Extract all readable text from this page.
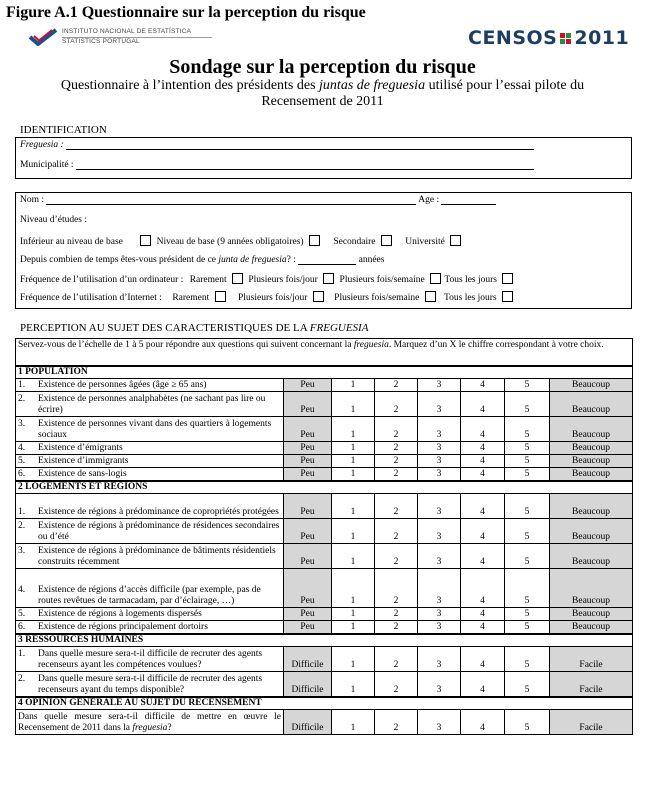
Figure A.1 Questionnaire sur la perception du risque
INSTITUTO NACIONAL DE ESTATÍSTICA
STATISTICS PORTUGAL	CENSOS 2011
Sondage sur la perception du risque
Questionnaire à l’intention des présidents des juntas de freguesia utilisé pour l’essai pilote du Recensement de 2011
IDENTIFICATION
Freguesia :
Municipalité :
Nom :	Age :
Niveau d’études :
Inférieur au niveau de base	Niveau de base (9 années obligatoires)	Secondaire	Université
Depuis combien de temps êtes-vous président de ce junta de freguesia? :	années
Fréquence de l’utilisation d’un ordinateur : Rarement Plusieurs fois/jour Plusieurs fois/semaine Tous les jours
Fréquence de l’utilisation d’Internet : Rarement	Plusieurs fois/jour	Plusieurs fois/semaine	Tous les jours
PERCEPTION AU SUJET DES CARACTERISTIQUES DE LA FREGUESIA
Servez-vous de l’échelle de 1 à 5 pour répondre aux questions qui suivent concernant la freguesia. Marquez d’un X le chiffre correspondant à votre choix.							
1 POPULATION							
1. Existence de personnes âgées (âge ≥ 65 ans)	Peu	1	2	3	4	5	Beaucoup
2. Existence de personnes analphabètes (ne sachant pas lire ou écrire)	Peu	1	2	3	4	5	Beaucoup
3. Existence de personnes vivant dans des quartiers à logements sociaux	Peu	1	2	3	4	5	Beaucoup
4. Existence d’émigrants	Peu	1	2	3	4	5	Beaucoup
5. Existence d’immigrants	Peu	1	2	3	4	5	Beaucoup
6. Existence de sans-logis	Peu	1	2	3	4	5	Beaucoup
2 LOGEMENTS ET RÉGIONS							
1. Existence de régions à prédominance de copropriétés protégées	Peu	1	2	3	4	5	Beaucoup
2. Existence de régions à prédominance de résidences secondaires ou d’été	Peu	1	2	3	4	5	Beaucoup
3. Existence de régions à prédominance de bâtiments résidentiels construits récemment	Peu	1	2	3	4	5	Beaucoup
4. Existence de régions d’accès difficile (par exemple, pas de routes revêtues de tarmacadam, par d’éclairage, …)	Peu	1	2	3	4	5	Beaucoup
5. Existence de régions à logements dispersés	Peu	1	2	3	4	5	Beaucoup
6. Existence de régions principalement dortoirs	Peu	1	2	3	4	5	Beaucoup
3 RESSOURCES HUMAINES							
1. Dans quelle mesure sera-t-il difficile de recruter des agents recenseurs ayant les compétences voulues?	Difficile	1	2	3	4	5	Facile
2. Dans quelle mesure sera-t-il difficile de recruter des agents recenseurs ayant du temps disponible?	Difficile	1	2	3	4	5	Facile
4 OPINION GÉNÉRALE AU SUJET DU RECENSEMENT							
Dans quelle mesure sera-t-il difficile de mettre en œuvre le Recensement de 2011 dans la freguesia?	Difficile	1	2	3	4	5	Facile
